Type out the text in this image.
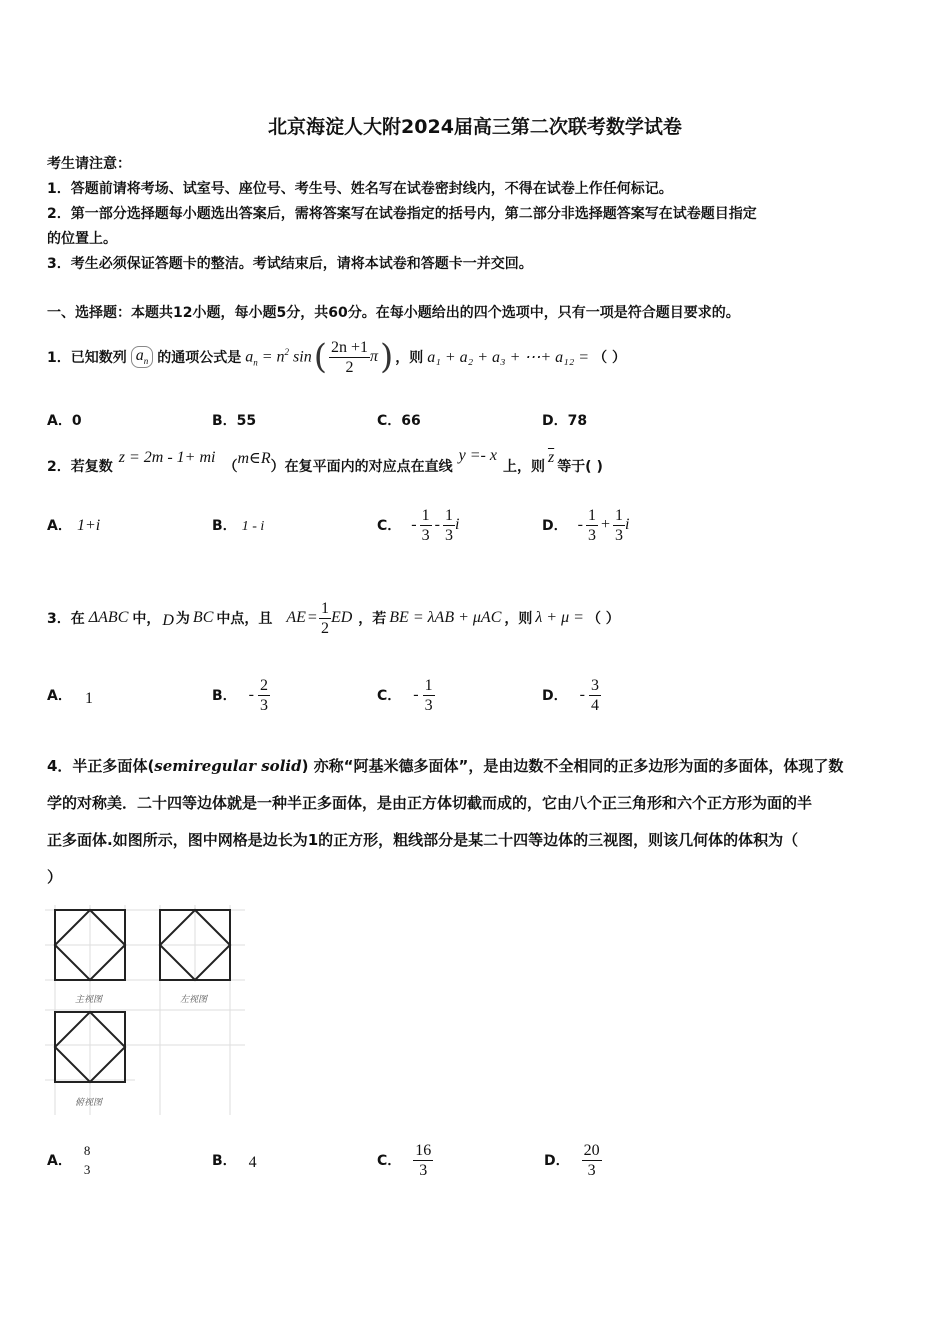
北京海淀人大附2024届高三第二次联考数学试卷
考生请注意：
1．答题前请将考场、试室号、座位号、考生号、姓名写在试卷密封线内，不得在试卷上作任何标记。
2．第一部分选择题每小题选出答案后，需将答案写在试卷指定的括号内，第二部分非选择题答案写在试卷题目指定
的位置上。
3．考生必须保证答题卡的整洁。考试结束后，请将本试卷和答题卡一并交回。
一、选择题：本题共12小题，每小题5分，共60分。在每小题给出的四个选项中，只有一项是符合题目要求的。
1．已知数列 $a_n$ 的通项公式是 $a_n = n^2$ sin ( $\frac{2n +1}{2}$ π ) ，则 a₁ + a₂ + a₃ + ⋯+ a₁₂ = （ ）
A．0	B．55	C．66	D．78
2．若复数
z = 2m - 1+ mi
（ m∈R ）在复平面内的对应点在直线
y =- x
上，则
$\overline{z}$
等于( )
A． 1+i	B． 1 - i	C． - $\frac{1}{3} - \frac{1}{3}$ i	D． - $\frac{1}{3} + \frac{1}{3}$ i
3．在 ΔABC 中， D 为 BC 中点，且 AE = $\frac{1}{2}$ ED ，若 BE = λAB + μAC ，则 λ + μ = （ ）
A． 1	B． - $\frac{2}{3}$	C． - $\frac{1}{3}$	D． - $\frac{3}{4}$
4．半正多面体(semiregular solid) 亦称“阿基米德多面体”，是由边数不全相同的正多边形为面的多面体，体现了数
学的对称美．二十四等边体就是一种半正多面体，是由正方体切截而成的，它由八个正三角形和六个正方形为面的半
正多面体.如图所示，图中网格是边长为1的正方形，粗线部分是某二十四等边体的三视图，则该几何体的体积为（
）
主视图	左视图
俯视图
A．
8
3
B． 4	C． $\frac{16}{3}$	D． $\frac{20}{3}$
